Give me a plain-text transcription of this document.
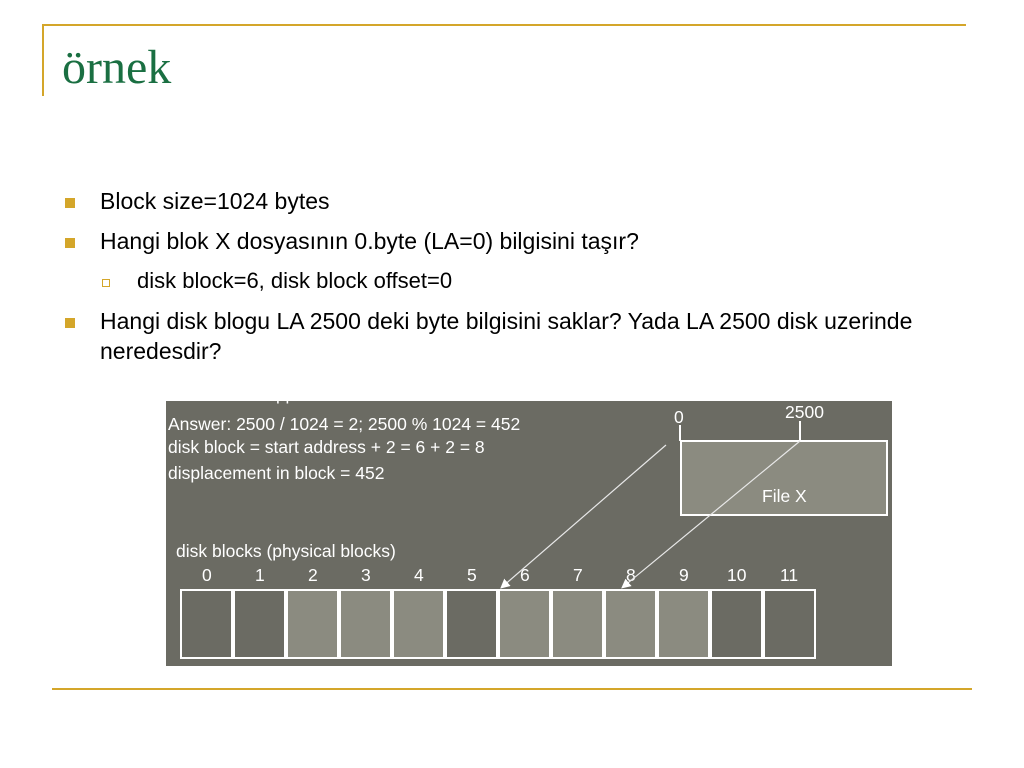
örnek
Block size=1024 bytes
Hangi blok X dosyasının 0.byte (LA=0) bilgisini taşır?
disk block=6, disk block offset=0
Hangi disk blogu LA 2500 deki byte bilgisini saklar? Yada LA 2500 disk uzerinde neredesdir?
to 2500 is mapped to
Answer: 2500 / 1024 = 2; 2500 % 1024 = 452
disk block = start address + 2 = 6 + 2 = 8
displacement in block = 452
0	2500
File X
disk blocks (physical blocks)
0 1 2 3 4 5 6 7 8 9 10 11
